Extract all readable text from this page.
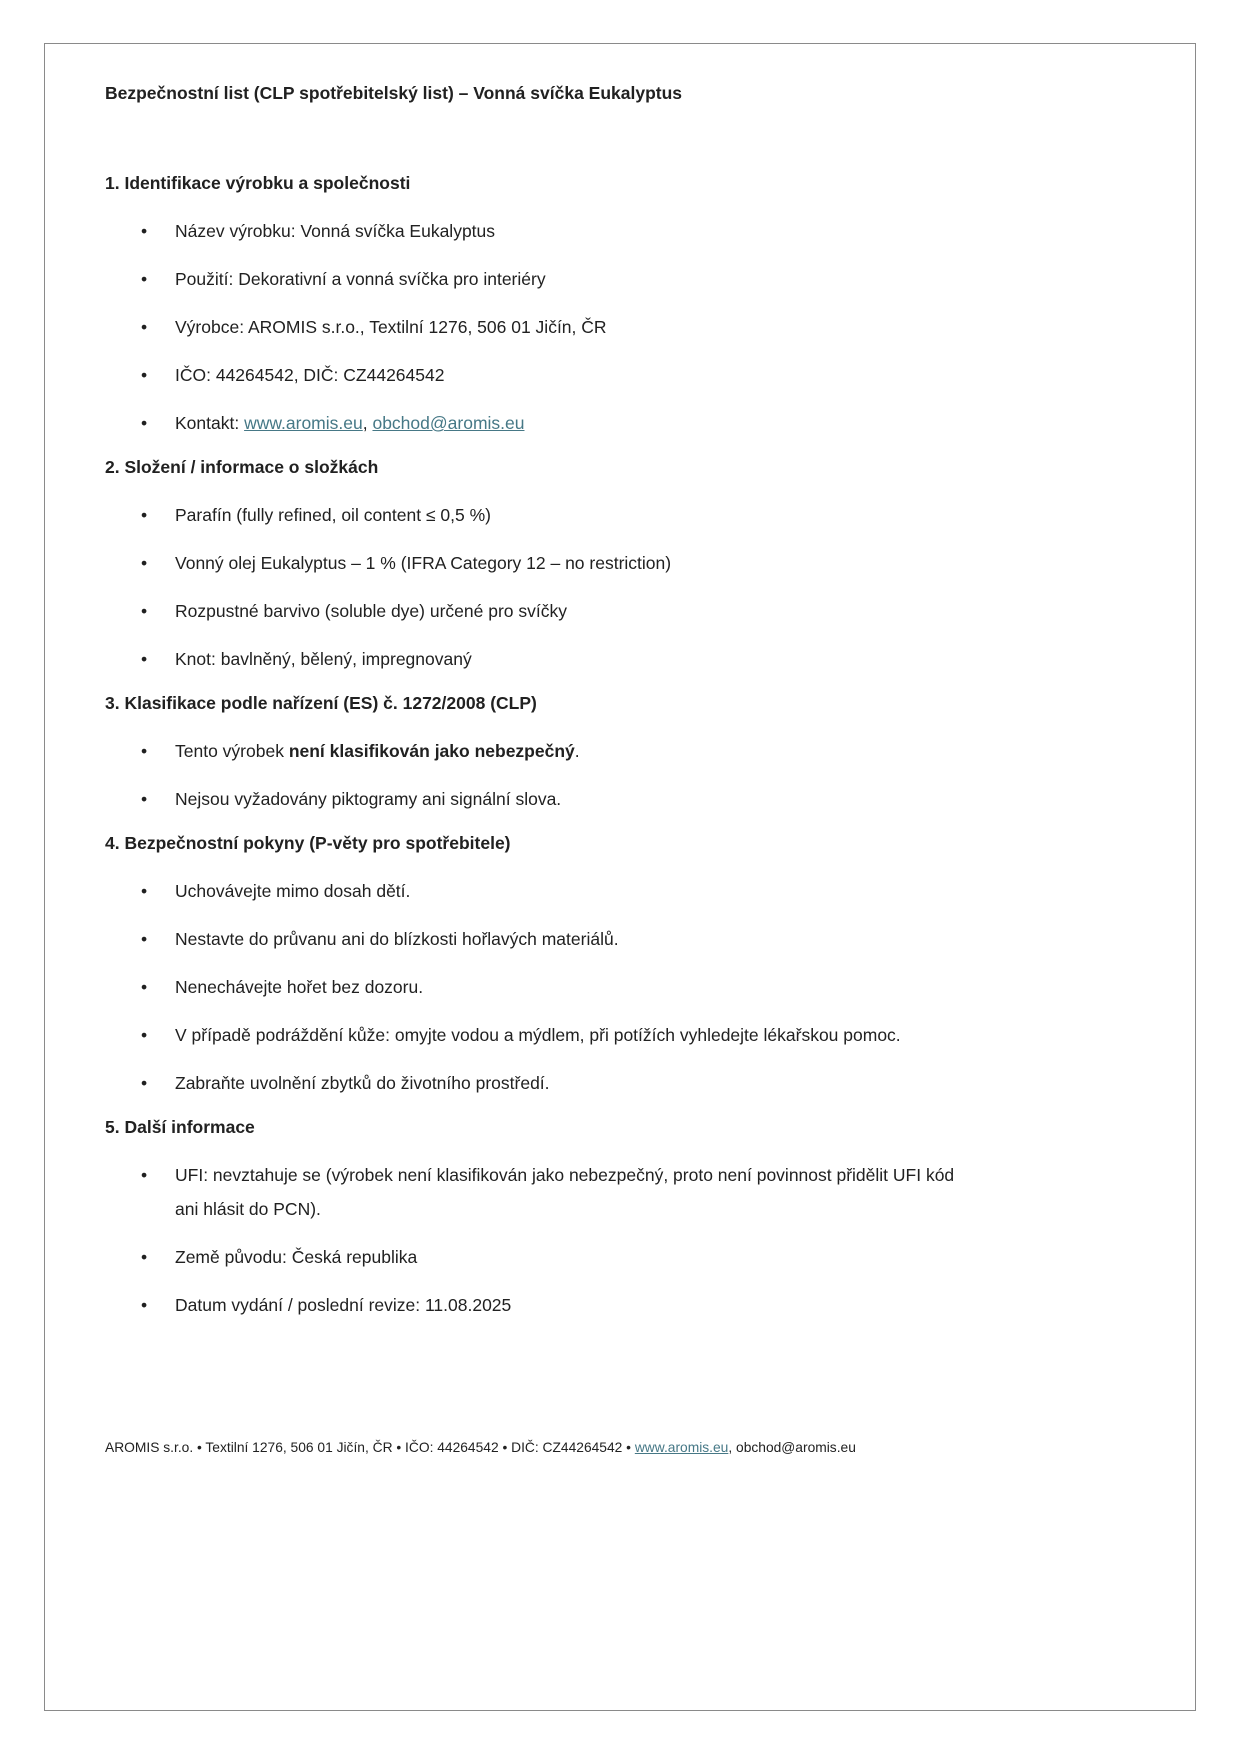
Bezpečnostní list (CLP spotřebitelský list) – Vonná svíčka Eukalyptus
1. Identifikace výrobku a společnosti
•
Název výrobku: Vonná svíčka Eukalyptus
•
Použití: Dekorativní a vonná svíčka pro interiéry
•
Výrobce: AROMIS s.r.o., Textilní 1276, 506 01 Jičín, ČR
•
IČO: 44264542, DIČ: CZ44264542
•
Kontakt: www.aromis.eu, obchod@aromis.eu
2. Složení / informace o složkách
•
Parafín (fully refined, oil content ≤ 0,5 %)
•
Vonný olej Eukalyptus – 1 % (IFRA Category 12 – no restriction)
•
Rozpustné barvivo (soluble dye) určené pro svíčky
•
Knot: bavlněný, bělený, impregnovaný
3. Klasifikace podle nařízení (ES) č. 1272/2008 (CLP)
•
Tento výrobek není klasifikován jako nebezpečný.
•
Nejsou vyžadovány piktogramy ani signální slova.
4. Bezpečnostní pokyny (P-věty pro spotřebitele)
•
Uchovávejte mimo dosah dětí.
•
Nestavte do průvanu ani do blízkosti hořlavých materiálů.
•
Nenechávejte hořet bez dozoru.
•
V případě podráždění kůže: omyjte vodou a mýdlem, při potížích vyhledejte lékařskou pomoc.
•
Zabraňte uvolnění zbytků do životního prostředí.
5. Další informace
•
UFI: nevztahuje se (výrobek není klasifikován jako nebezpečný, proto není povinnost přidělit UFI kód ani hlásit do PCN).
•
Země původu: Česká republika
•
Datum vydání / poslední revize: 11.08.2025
AROMIS s.r.o. • Textilní 1276, 506 01 Jičín, ČR • IČO: 44264542 • DIČ: CZ44264542 • www.aromis.eu, obchod@aromis.eu
